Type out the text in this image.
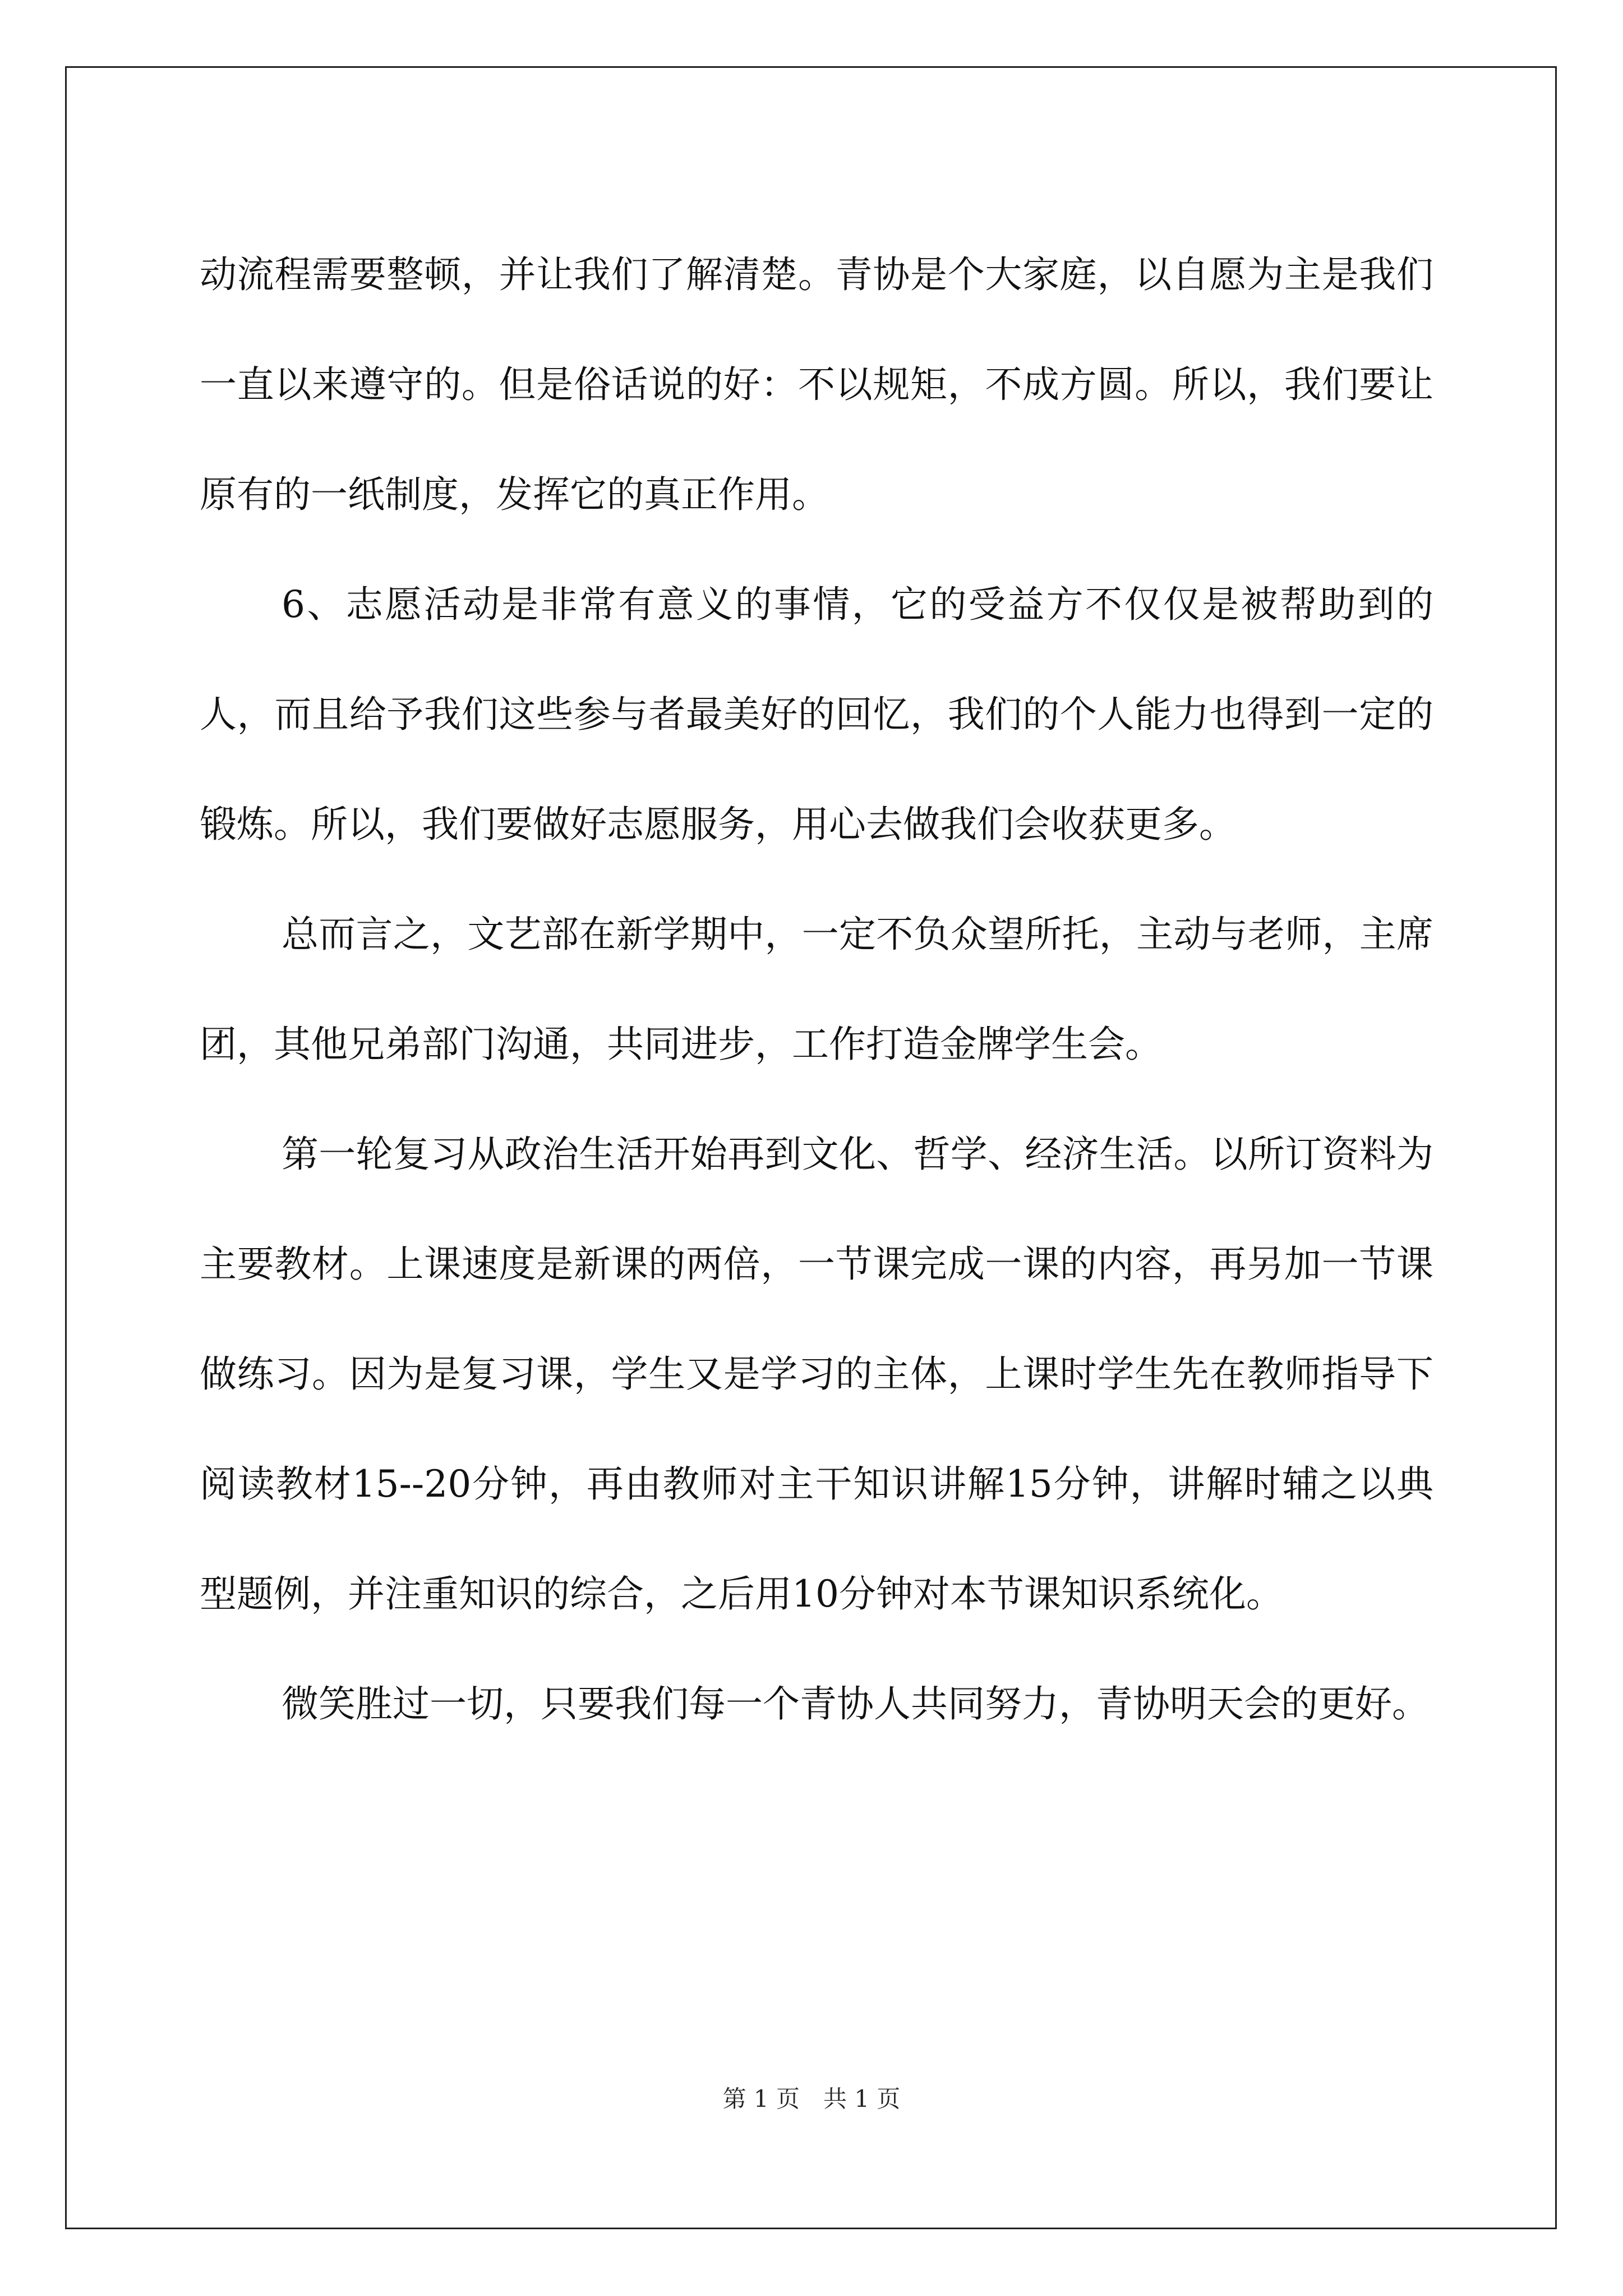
动流程需要整顿，并让我们了解清楚。青协是个大家庭，以自愿为主是我们一直以来遵守的。但是俗话说的好：不以规矩，不成方圆。所以，我们要让原有的一纸制度，发挥它的真正作用。

6、志愿活动是非常有意义的事情，它的受益方不仅仅是被帮助到的人，而且给予我们这些参与者最美好的回忆，我们的个人能力也得到一定的锻炼。所以，我们要做好志愿服务，用心去做我们会收获更多。

总而言之，文艺部在新学期中，一定不负众望所托，主动与老师，主席团，其他兄弟部门沟通，共同进步，工作打造金牌学生会。

第一轮复习从政治生活开始再到文化、哲学、经济生活。以所订资料为主要教材。上课速度是新课的两倍，一节课完成一课的内容，再另加一节课做练习。因为是复习课，学生又是学习的主体，上课时学生先在教师指导下阅读教材15--20分钟，再由教师对主干知识讲解15分钟，讲解时辅之以典型题例，并注重知识的综合，之后用10分钟对本节课知识系统化。

微笑胜过一切，只要我们每一个青协人共同努力，青协明天会的更好。

第 1 页　共 1 页
